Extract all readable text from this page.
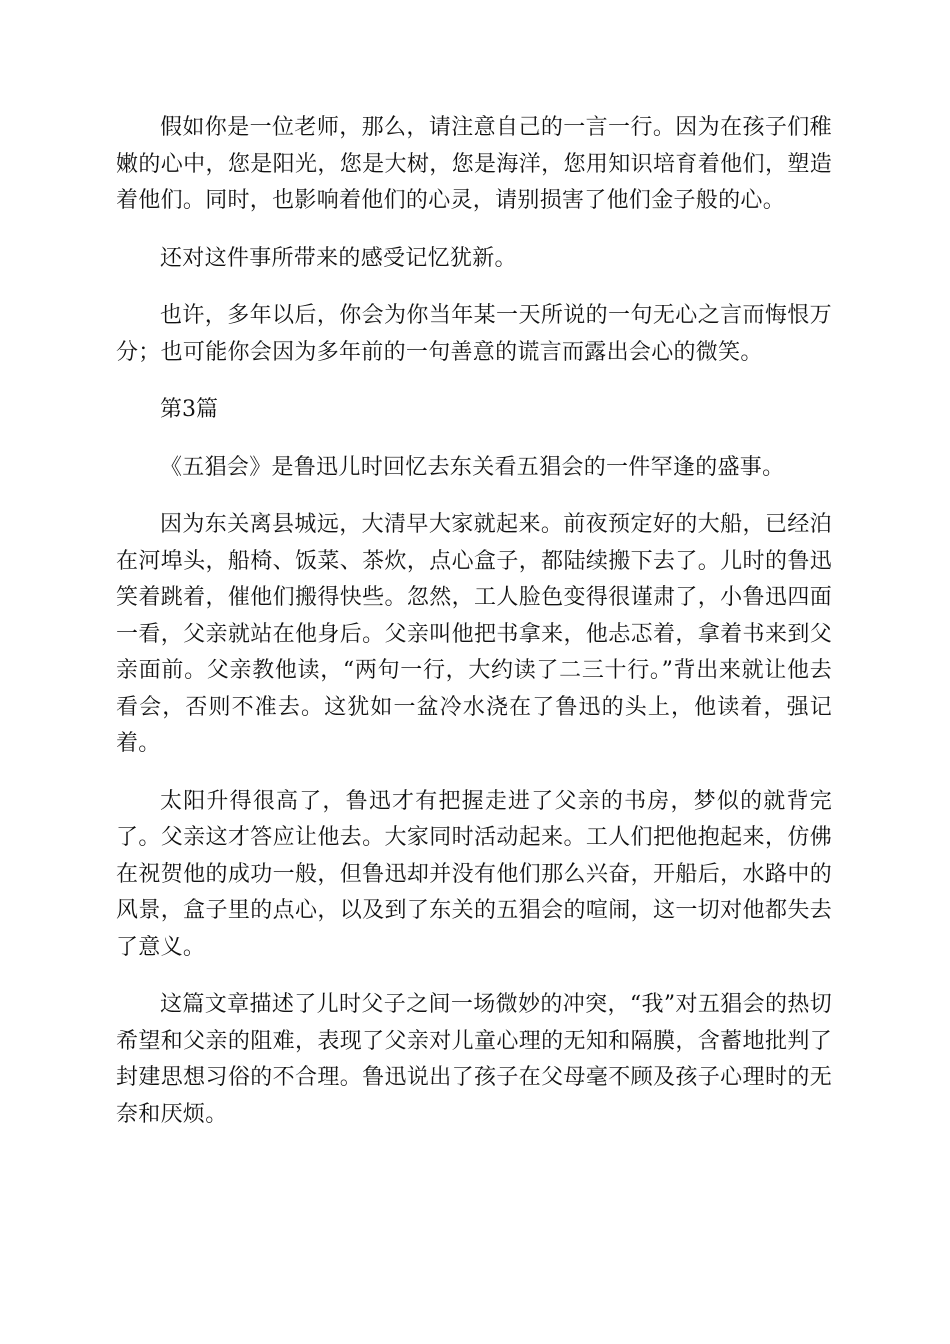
假如你是一位老师，那么，请注意自己的一言一行。因为在孩子们稚嫩的心中，您是阳光，您是大树，您是海洋，您用知识培育着他们，塑造着他们。同时，也影响着他们的心灵，请别损害了他们金子般的心。

还对这件事所带来的感受记忆犹新。

也许，多年以后，你会为你当年某一天所说的一句无心之言而悔恨万分；也可能你会因为多年前的一句善意的谎言而露出会心的微笑。

第3篇

《五猖会》是鲁迅儿时回忆去东关看五猖会的一件罕逢的盛事。

因为东关离县城远，大清早大家就起来。前夜预定好的大船，已经泊在河埠头，船椅、饭菜、茶炊，点心盒子，都陆续搬下去了。儿时的鲁迅笑着跳着，催他们搬得快些。忽然，工人脸色变得很谨肃了，小鲁迅四面一看，父亲就站在他身后。父亲叫他把书拿来，他忐忑着，拿着书来到父亲面前。父亲教他读，“两句一行，大约读了二三十行。”背出来就让他去看会，否则不准去。这犹如一盆冷水浇在了鲁迅的头上，他读着，强记着。

太阳升得很高了，鲁迅才有把握走进了父亲的书房，梦似的就背完了。父亲这才答应让他去。大家同时活动起来。工人们把他抱起来，仿佛在祝贺他的成功一般，但鲁迅却并没有他们那么兴奋，开船后，水路中的风景，盒子里的点心，以及到了东关的五猖会的喧闹，这一切对他都失去了意义。

这篇文章描述了儿时父子之间一场微妙的冲突，“我”对五猖会的热切希望和父亲的阻难，表现了父亲对儿童心理的无知和隔膜，含蓄地批判了封建思想习俗的不合理。鲁迅说出了孩子在父母毫不顾及孩子心理时的无奈和厌烦。
